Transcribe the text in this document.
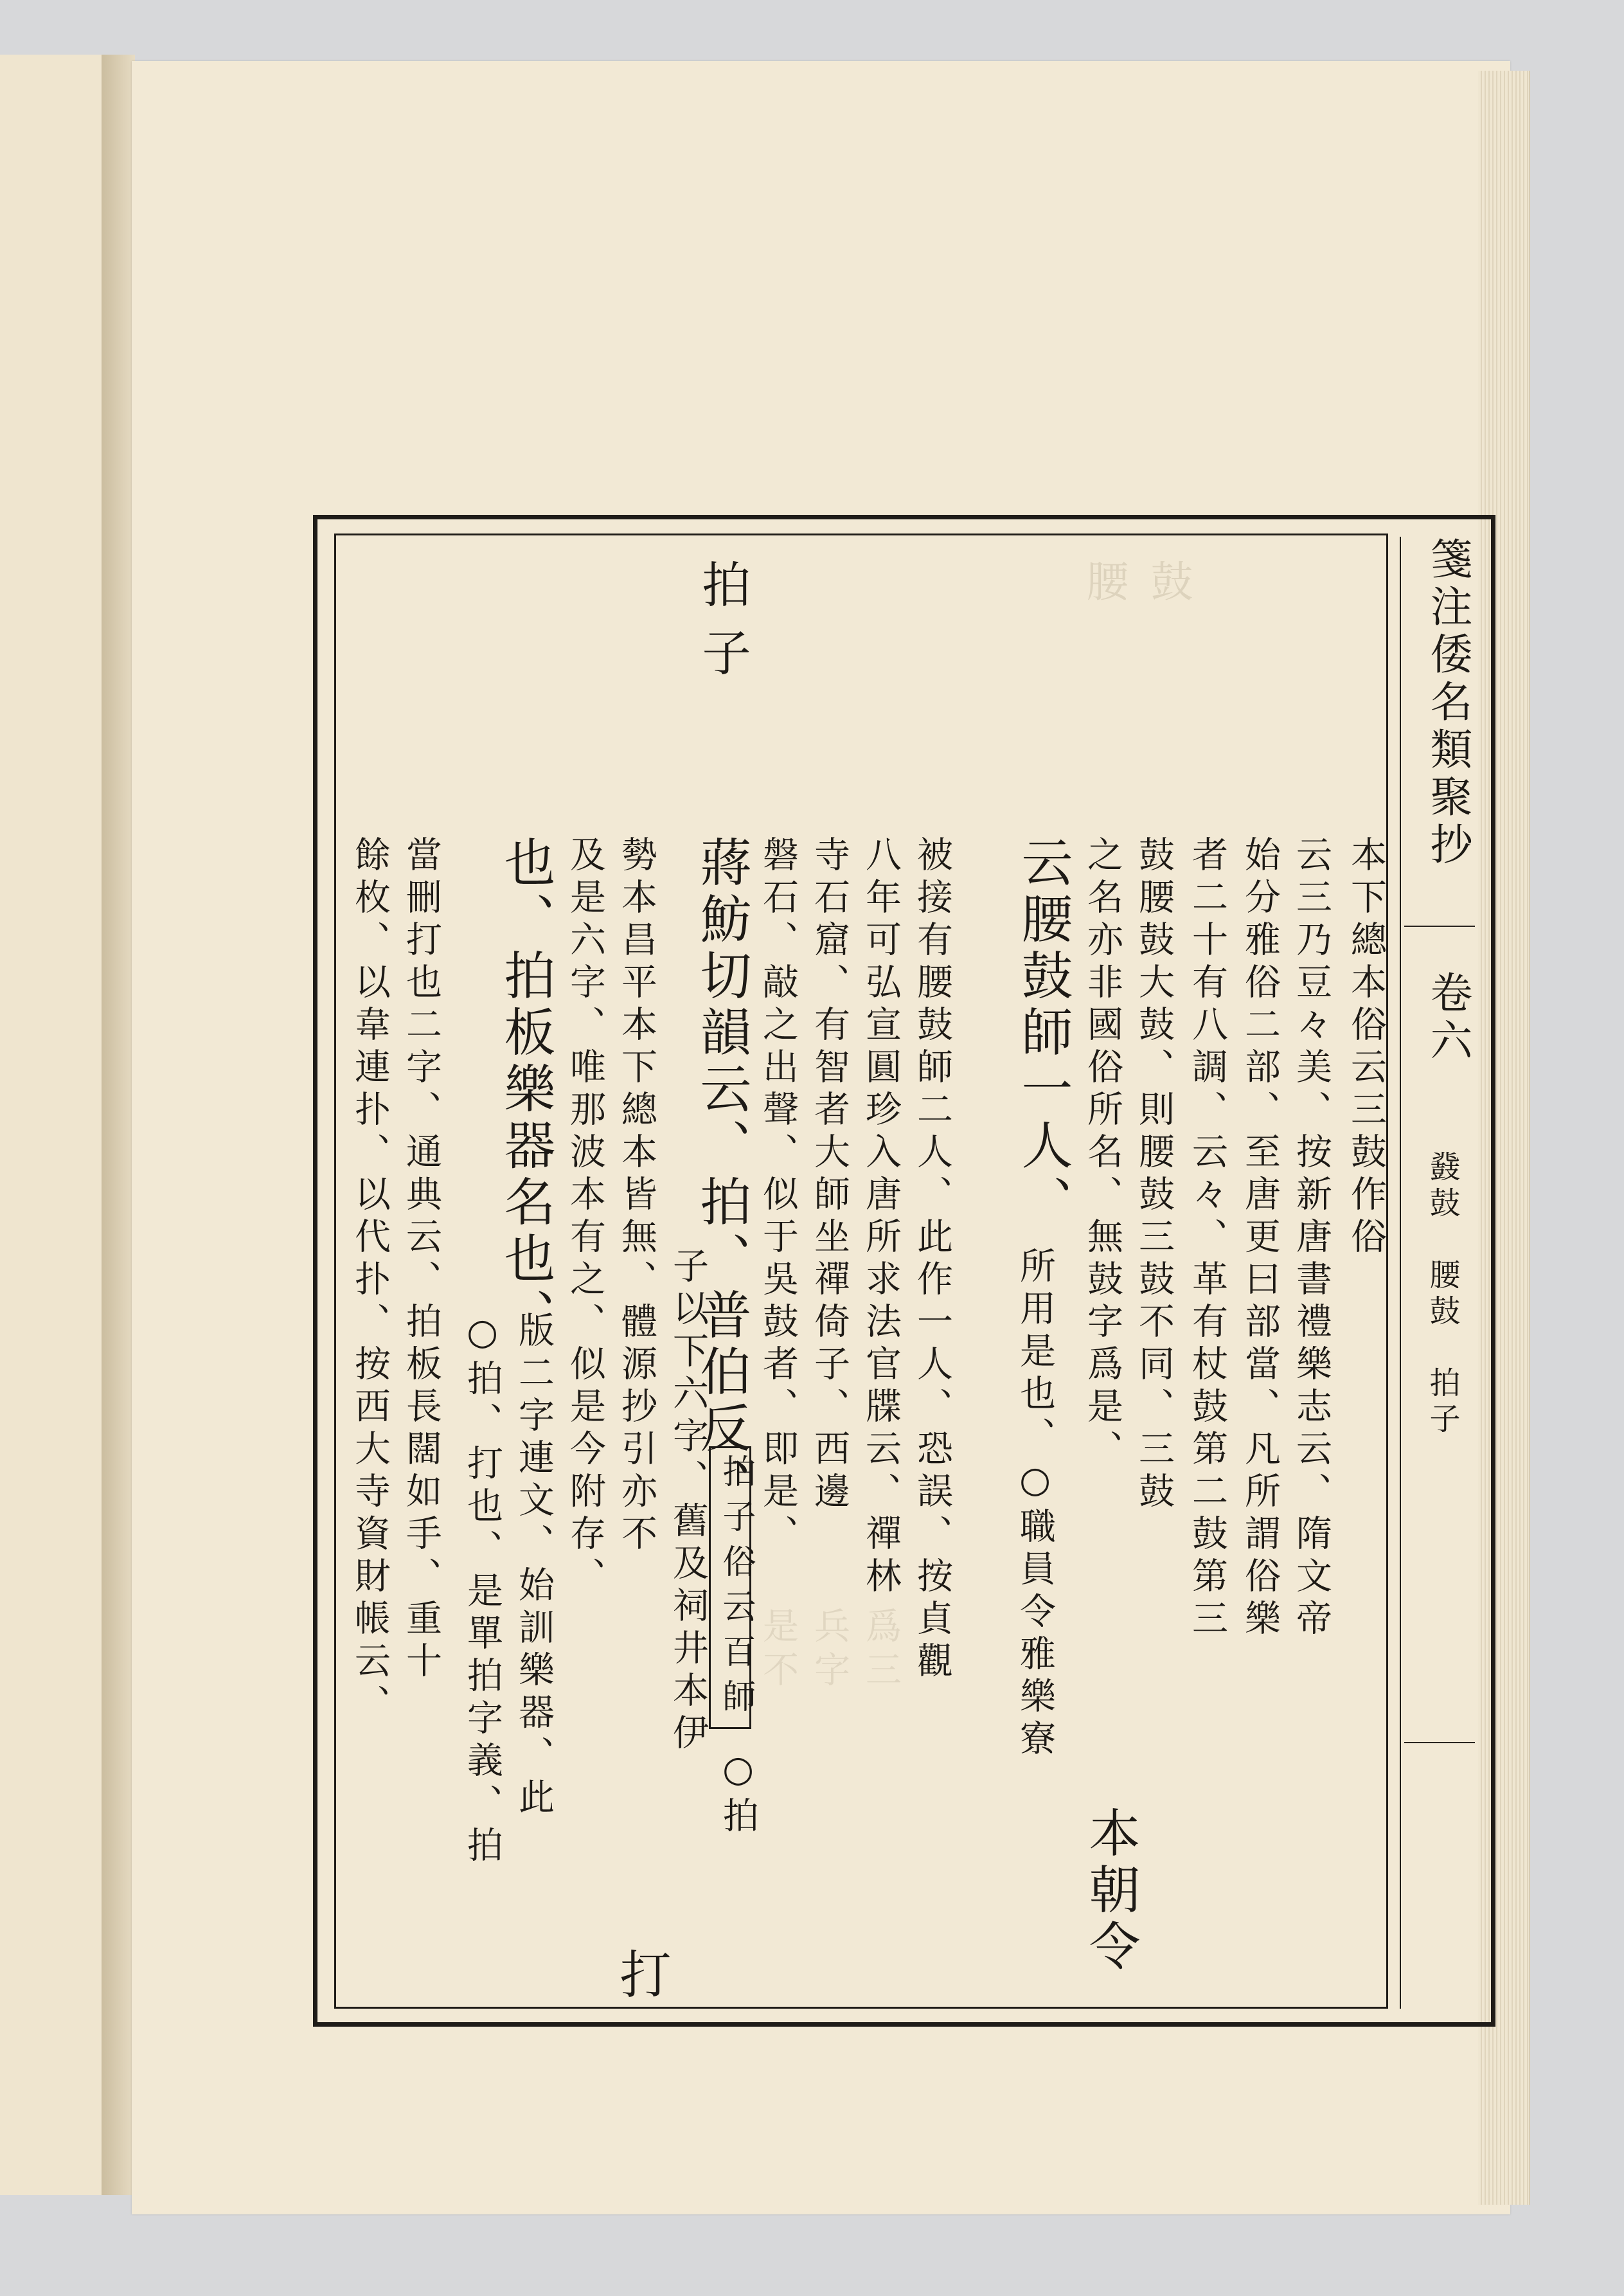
箋注倭名類聚抄
卷六
鼗鼓　腰鼓　拍子
拍子	腰 鼓
本下總本俗云三鼓作俗
云三乃豆々美、按新唐書禮樂志云、隋文帝
始分雅俗二部、至唐更曰部當、凡所謂俗樂
者二十有八調、云々、革有杖鼓第二鼓第三
鼓腰鼓大鼓、則腰鼓三鼓不同、三鼓
之名亦非國俗所名、無鼓字爲是、
本朝令
云腰鼓師一人、
所用是也、○職員令雅樂寮
被接有腰鼓師二人、此作一人、恐誤、按貞觀
八年可弘宣圓珍入唐所求法官牒云、禪林
寺石窟、有智者大師坐禪倚子、西邊
磐石、敲之出聲、似于吳鼓者、即是、
蔣魴切韻云、拍、普伯反、
拍子俗云百師
○拍
子以下六字、舊及祠井本伊
勢本昌平本下總本皆無、體源抄引亦不
及是六字、唯那波本有之、似是今附存、
打
也、拍板樂器名也、
版二字連文、始訓樂器、此
○拍、打也、是單拍字義、拍
當刪打也二字、通典云、拍板長闊如手、重十
餘枚、以韋連扑、以代扑、按西大寺資財帳云、	爲三
兵字
是不
